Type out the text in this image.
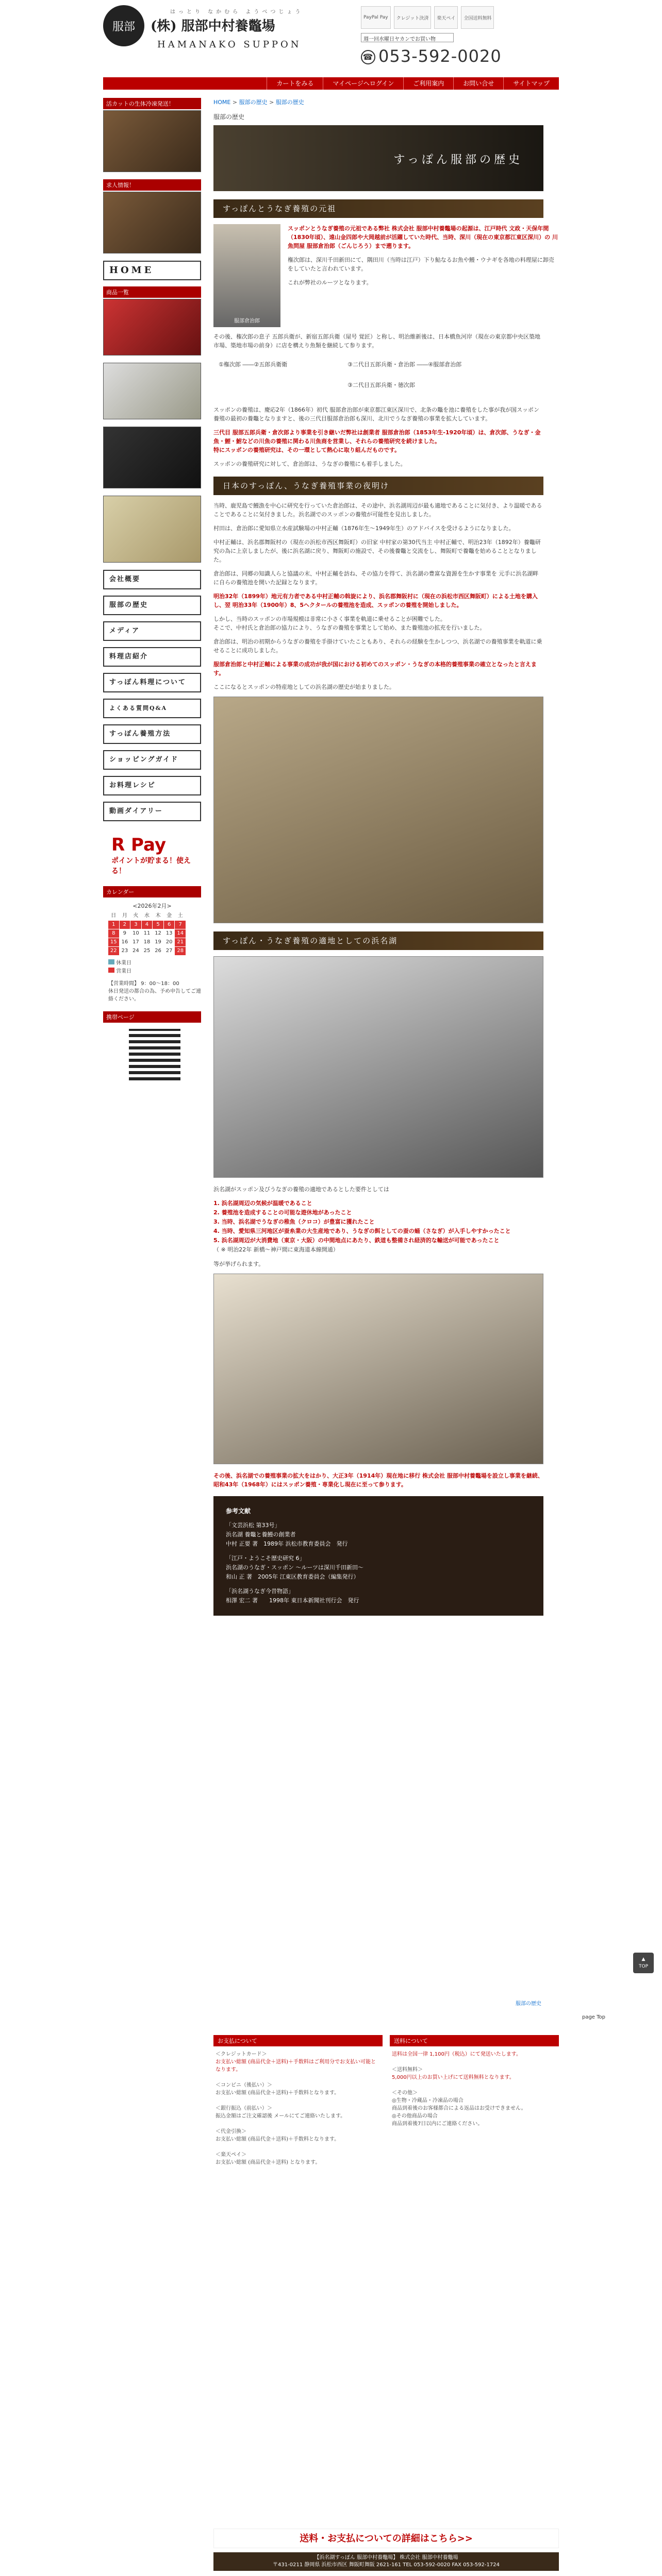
服部
はっとり なかむら ようべつじょう
(株) 服部中村養鼈場
HAMANAKO SUPPON
PayPal Pay	クレジット決済	楽天ペイ	全国送料無料
週一回水曜日ヤカンでお買い物
☎ 053-592-0020
カートをみる	マイページへログイン	ご利用案内	お問い合せ	サイトマップ
活カットの生体冷凍発送！
求人情報！
HOME
商品一覧
会社概要
服部の歴史
メディア
料理店紹介
すっぽん料理について
よくある質問Q&A
すっぽん養殖方法
ショッピングガイド
お料理レシピ
動画ダイアリー
R Pay
ポイントが貯まる！使える！
カレンダー
<2026年2月>
日	月	火	水	木	金	土
1	2	3	4	5	6	7
8	9	10 11 12 13 14
15 16 17 18 19 20 21
22 23 24 25 26 27 28
休業日
営業日
【営業時間】 9：00～18：00
休日発送の都合の為、予め申告してご連絡ください。
携帯ページ
HOME > 服部の歴史 > 服部の歴史
服部の歴史
すっぽん服部の歴史
すっぽんとうなぎ養殖の元祖
服部倉治郎
スッポンとうなぎ養殖の元祖である弊社 株式会社 服部中村養鼈場の起源は、江戸時代 文政・天保年間（1830年頃）、遠山金四郎や大岡越前が活躍していた時代、当時、深川（現在の東京都江東区深川）の 川魚問屋 服部倉治郎（ごんじろう）まで遡ります。
権次郎は、深川千田新田にて、隅田川（当時は江戸）下り鮎なるお魚や鰻・ウナギを各地の料理屋に卸売をしていたと言われています。
これが弊社のルーツとなります。
その後、権次郎の息子 五郎兵衛が、新宿五郎兵衛（屋号 覚匠）と称し、明治維新後は、日本橋魚河岸（現在の東京都中央区築地市場、築地市場の前身）に店を構えり魚類を継続して参ります。
①権次郎 ――②五郎兵衛衛	③二代目五郎兵衛・倉治郎 ――④服部倉治郎
③二代目五郎兵衛・徳次郎
スッポンの養殖は、慶応2年（1866年）初代 服部倉治郎が東京都江東区深川で、北条の鼈を池に養殖をした事が我が国スッポン養殖の最初の養鼈となりますと、後の三代目服部倉治郎も深川、北川でうなぎ養殖の事業を拡大しています。
三代目 服部五郎兵衛・倉次郎より事業を引き継いだ弊社は創業者 服部倉治郎（1853年生-1920年頃）は、倉次郎、うなぎ・金魚・鯉・鮒などの川魚の養殖に関わる川魚商を営業し、それらの養殖研究を続けました。
特にスッポンの養殖研究は、その一環として熱心に取り組んだものです。
スッポンの養殖研究に対して、倉治郎は、うなぎの養殖にも着手しました。
日本のすっぽん、うなぎ養殖事業の夜明け
当時、鹿児島で鰻漁を中心に研究を行っていた倉治郎は、その途中、浜名湖周辺が最も適地であることに気付き、より温暖である ことであることに気付きました。浜名湖でのスッポンの養殖が可能性を見出しました。
村田は、倉治郎に愛知県立水産試験場の中村正輔（1876年生～1949年生）のアドバイスを受けるようになりました。
中村正輔は、浜名郡舞阪村の（現在の浜松市西区舞阪町）の旧家 中村家の第30代当主 中村正輔で、明治23年（1892年）養鼈研究の為に上京しましたが、後に浜名湖に戻り、舞阪町の施設で、その後養鼈と交流をし、舞阪町で養鼈を始めることとなりました。
倉治郎は、同郷の知識人らと協議の末、中村正輔を訪ね、その協力を得て、浜名湖の豊富な資源を生かす事業を 元手に浜名湖畔に自らの養殖池を開いた記録となります。
明治32年（1899年）地元有力者である中村正輔の斡旋により、浜名郡舞阪村に（現在の浜松市西区舞阪町）による土地を購入し、翌 明治33年（1900年）8、5ヘクタールの養殖池を造成、スッポンの養殖を開始しました。
しかし、当時のスッポンの市場規模は非常に小さく事業を軌道に乗せることが困難でした。
そこで、中村氏と倉治郎の協力により、うなぎの養殖を事業として始め、また養殖池の拡充を行いました。
倉治郎は、明治の初期からうなぎの養殖を手掛けていたこともあり、それらの経験を生かしつつ、浜名湖での養殖事業を軌道に乗せることに成功しました。
服部倉治郎と中村正輔による事業の成功が我が国における初めてのスッポン・うなぎの本格的養殖事業の確立となったと言えます。
ここになるとスッポンの特産地としての浜名湖の歴史が始まりました。
すっぽん・うなぎ養殖の適地としての浜名湖
浜名湖がスッポン及びうなぎの養殖の適地であるとした要件としては
1. 浜名湖周辺の気候が温暖であること
2. 養殖池を造成することの可能な遊休地があったこと
3. 当時、浜名湖でうなぎの稚魚（クロコ）が豊富に獲れたこと
4. 当時、愛知県三河地区が蚕糸業の大生産地であり、うなぎの餌としての蚕の蛹（さなぎ）が入手しやすかったこと
5. 浜名湖周辺が大消費地（東京・大阪）の中間地点にあたり、鉄道も整備され経済的な輸送が可能であったこと
（ ※ 明治22年 新橋～神戸間に東海道本線開通）
等が挙げられます。
その後、浜名湖での養殖事業の拡大をはかり、大正3年（1914年）現在地に移行 株式会社 服部中村養鼈場を設立し事業を継続、昭和43年（1968年）にはスッポン養殖・専業化し現在に至って参ります。
参考文献
「文芸浜松 第33号」
浜名湖 養鼈と養鰻の創業者
中村 正要 著　1989年 浜松市教育委員会　発行
「江戸・ようこそ歴史研究 6」
浜名湖のうなぎ・スッポン ～ルーツは深川千田新田～
和山 正 著　2005年 江東区教育委員会（編集発行）
「浜名湖うなぎ今昔物語」
相澤 宏二 著　　1998年 東日本新聞社刊行会　発行
服部の歴史
page Top
▲
TOP
お支払について
＜クレジットカード＞
お支払い総額 (商品代金＋送料)＋手数料はご利用分でお支払い可能となります。

＜コンビニ（後払い）＞
お支払い総額 (商品代金＋送料)＋手数料となります。

＜銀行振込（前払い）＞
振込金額はご注文確認後 メールにてご連絡いたします。

＜代金引換＞
お支払い総額 (商品代金＋送料)＋手数料となります。

＜楽天ペイ＞
お支払い総額 (商品代金＋送料) となります。
送料について
送料は全国一律 1,100円（税込）にて発送いたします。

＜送料無料＞
5,000円以上のお買い上げにて送料無料となります。

＜その他＞
◎生物・冷蔵品・冷凍品の場合
商品到着後のお客様都合による返品はお受けできません。
◎その他商品の場合
商品到着後7日以内にご連絡ください。
送料・お支払についての詳細はこちら>>
【浜名湖すっぽん 服部中村養鼈場】 株式会社 服部中村養鼈場
〒431-0211 静岡県 浜松市西区 舞阪町舞阪 2621-161 TEL 053-592-0020 FAX 053-592-1724
